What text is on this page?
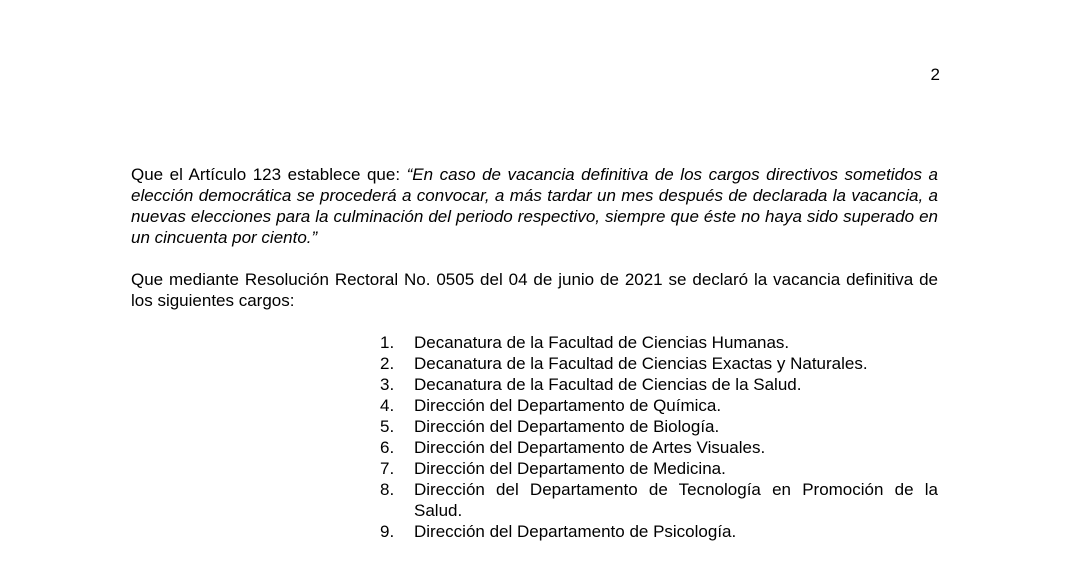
2

Que el Artículo 123 establece que: “En caso de vacancia definitiva de los cargos directivos sometidos a elección democrática se procederá a convocar, a más tardar un mes después de declarada la vacancia, a nuevas elecciones para la culminación del periodo respectivo, siempre que éste no haya sido superado en un cincuenta por ciento.”

Que mediante Resolución Rectoral No. 0505 del 04 de junio de 2021 se declaró la vacancia definitiva de los siguientes cargos:

1. Decanatura de la Facultad de Ciencias Humanas.
2. Decanatura de la Facultad de Ciencias Exactas y Naturales.
3. Decanatura de la Facultad de Ciencias de la Salud.
4. Dirección del Departamento de Química.
5. Dirección del Departamento de Biología.
6. Dirección del Departamento de Artes Visuales.
7. Dirección del Departamento de Medicina.
8. Dirección del Departamento de Tecnología en Promoción de la Salud.
9. Dirección del Departamento de Psicología.
